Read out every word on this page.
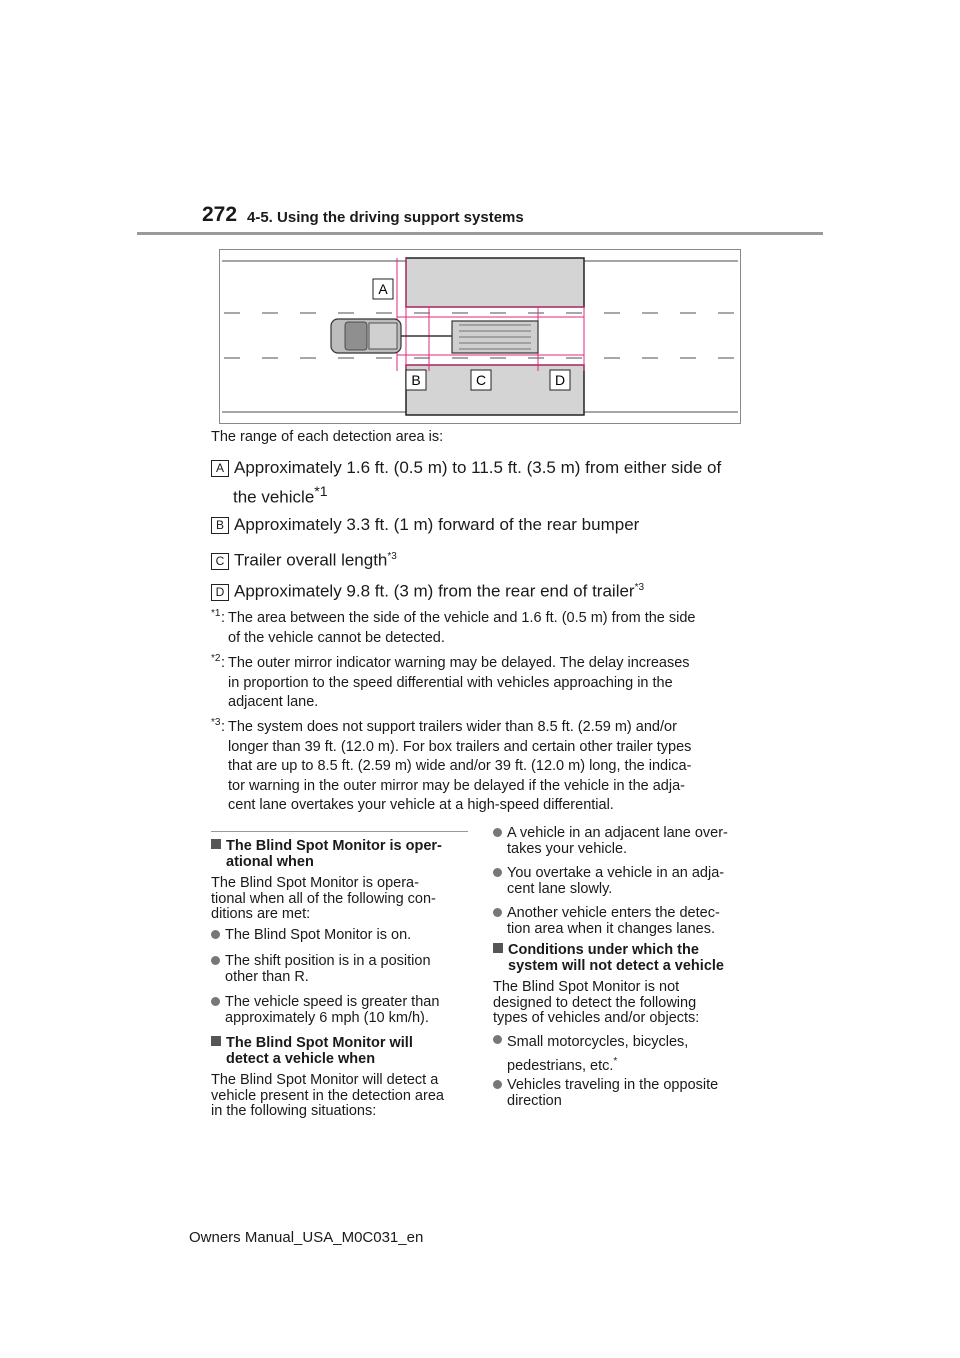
272 4-5. Using the driving support systems
A
B	C	D
The range of each detection area is:
A Approximately 1.6 ft. (0.5 m) to 11.5 ft. (3.5 m) from either side of
the vehicle$^{*1}$
B Approximately 3.3 ft. (1 m) forward of the rear bumper
C Trailer overall length$^{*3}$
D Approximately 9.8 ft. (3 m) from the rear end of trailer$^{*3}$
*1 : The area between the side of the vehicle and 1.6 ft. (0.5 m) from the side
of the vehicle cannot be detected.
*2 : The outer mirror indicator warning may be delayed. The delay increases
in proportion to the speed differential with vehicles approaching in the
adjacent lane.
*3 : The system does not support trailers wider than 8.5 ft. (2.59 m) and/or
longer than 39 ft. (12.0 m). For box trailers and certain other trailer types
that are up to 8.5 ft. (2.59 m) wide and/or 39 ft. (12.0 m) long, the indica-
tor warning in the outer mirror may be delayed if the vehicle in the adja-
cent lane overtakes your vehicle at a high-speed differential.
The Blind Spot Monitor is oper-
ational when
The Blind Spot Monitor is opera-
tional when all of the following con-
ditions are met:
The Blind Spot Monitor is on.
The shift position is in a position
other than R.
The vehicle speed is greater than
approximately 6 mph (10 km/h).
The Blind Spot Monitor will
detect a vehicle when
The Blind Spot Monitor will detect a
vehicle present in the detection area
in the following situations:
A vehicle in an adjacent lane over-
takes your vehicle.
You overtake a vehicle in an adja-
cent lane slowly.
Another vehicle enters the detec-
tion area when it changes lanes.
Conditions under which the
system will not detect a vehicle
The Blind Spot Monitor is not
designed to detect the following
types of vehicles and/or objects:
Small motorcycles, bicycles,
pedestrians, etc.*
Vehicles traveling in the opposite
direction
Owners Manual_USA_M0C031_en
